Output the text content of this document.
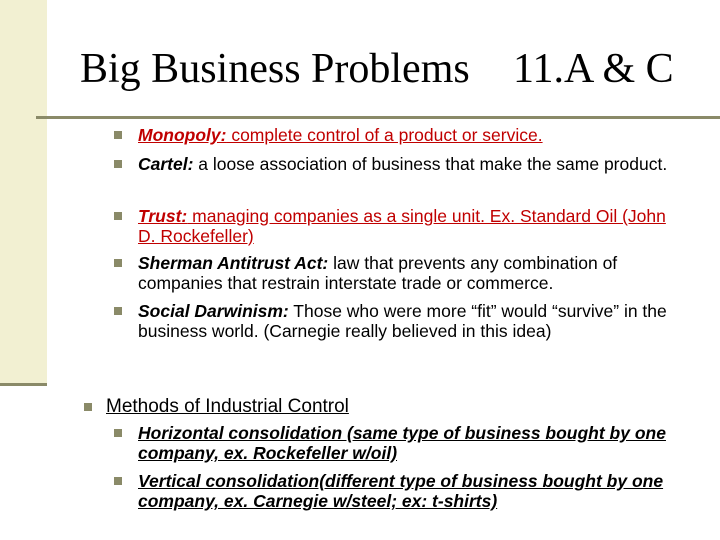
Big Business Problems 11.A & C
Monopoly: complete control of a product or service.
Cartel: a loose association of business that make the same product.
Trust: managing companies as a single unit. Ex. Standard Oil (John D. Rockefeller)
Sherman Antitrust Act: law that prevents any combination of companies that restrain interstate trade or commerce.
Social Darwinism: Those who were more “fit” would “survive” in the business world. (Carnegie really believed in this idea)
Methods of Industrial Control
Horizontal consolidation (same type of business bought by one company, ex. Rockefeller w/oil)
Vertical consolidation(different type of business bought by one company, ex. Carnegie w/steel; ex: t-shirts)
